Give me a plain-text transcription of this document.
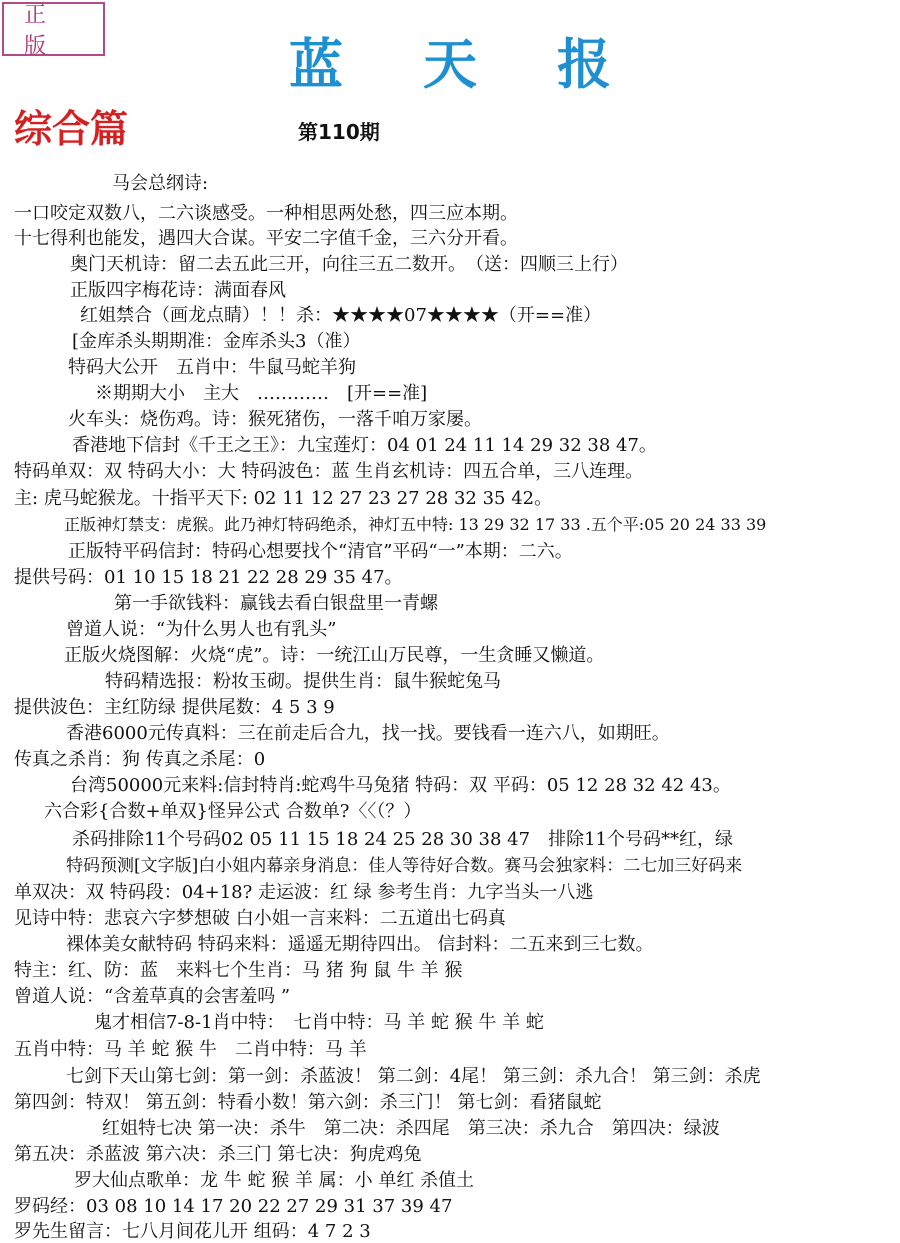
正版	蓝天报
综合篇	第110期
马会总纲诗:
一口咬定双数八，二六谈感受。一种相思两处愁，四三应本期。
十七得利也能发，遇四大合谋。平安二字值千金，三六分开看。
奥门天机诗：留二去五此三开，向往三五二数开。　（送：四顺三上行）
正版四字梅花诗：满面春风
红姐禁合（画龙点睛）！！杀：★★★★07★★★★（开==准）
[金库杀头期期准：金库杀头3（准）
特码大公开　五肖中：牛鼠马蛇羊狗
※期期大小　主大　…………　[开==准]
火车头：烧伤鸡。诗：猴死猪伤，一落千咱万家屡。
香港地下信封《千王之王》：九宝莲灯：04 01 24 11 14 29 32 38 47。
特码单双：双 特码大小：大 特码波色：蓝 生肖玄机诗：四五合单，三八连理。
主: 虎马蛇猴龙。十指平天下: 02 11 12 27 23 27 28 32 35 42。
正版神灯禁支：虎猴。此乃神灯特码绝杀，神灯五中特: 13 29 32 17 33 .五个平:05 20 24 33 39
正版特平码信封：特码心想要找个“清官”平码“一”本期：二六。
提供号码：01 10 15 18 21 22 28 29 35 47。
第一手欲钱料：赢钱去看白银盘里一青螺
曾道人说：“为什么男人也有乳头”
正版火烧图解：火烧“虎”。诗：一统江山万民尊，一生贪睡又懒道。
特码精选报：粉妆玉砌。提供生肖：鼠牛猴蛇兔马
提供波色：主红防绿 提供尾数：4 5 3 9
香港6000元传真料：三在前走后合九，找一找。要钱看一连六八，如期旺。
传真之杀肖：狗 传真之杀尾：0
台湾50000元来料:信封特肖:蛇鸡牛马兔猪 特码：双 平码：05 12 28 32 42 43。
六合彩{合数+单双}怪异公式 合数单?〈〈（？）
杀码排除11个号码02 05 11 15 18 24 25 28 30 38 47　排除11个号码**红，绿
特码预测[文字版]白小姐内幕亲身消息：佳人等待好合数。赛马会独家料：二七加三好码来
单双决：双 特码段：04+18? 走运波：红 绿 参考生肖：九字当头一八逃
见诗中特：悲哀六字梦想破 白小姐一言来料：二五道出七码真
裸体美女献特码 特码来料：遥遥无期待四出。 信封料：二五来到三七数。
特主：红、防：蓝　来料七个生肖：马 猪 狗 鼠 牛 羊 猴
曾道人说：“含羞草真的会害羞吗 ”
鬼才相信7-8-1肖中特：　七肖中特：马 羊 蛇 猴 牛 羊 蛇
五肖中特：马 羊 蛇 猴 牛　二肖中特：马 羊
七剑下天山第七剑：第一剑：杀蓝波！ 第二剑：4尾！ 第三剑：杀九合！ 第三剑：杀虎
第四剑：特双！ 第五剑：特看小数！第六剑：杀三门！ 第七剑：看猪鼠蛇
红姐特七决 第一决：杀牛　第二决：杀四尾　第三决：杀九合　第四决：绿波
第五决：杀蓝波 第六决：杀三门 第七决：狗虎鸡兔
罗大仙点歌单：龙 牛 蛇 猴 羊 属：小 单红 杀值土
罗码经：03 08 10 14 17 20 22 27 29 31 37 39 47
罗先生留言：七八月间花儿开 组码：4 7 2 3
